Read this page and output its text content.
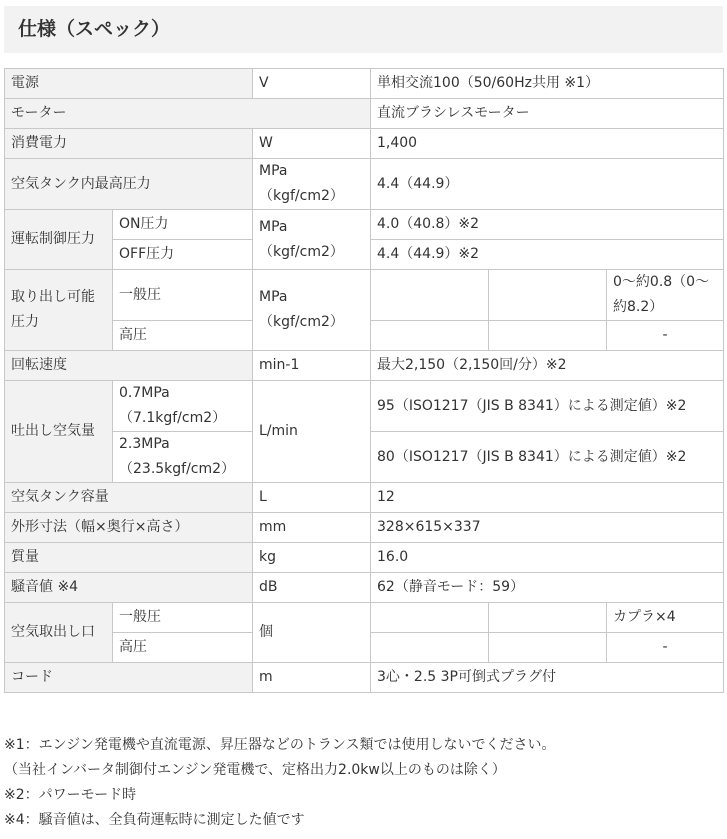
仕様（スペック）
電源		V	単相交流100（50/60Hz共用 ※1）		
モーター			直流ブラシレスモーター		
消費電力		W	1,400		
空気タンク内最高圧力		MPa（kgf/cm2）	4.4（44.9）		
運転制御圧力	ON圧力	MPa（kgf/cm2）	4.0（40.8）※2		
	OFF圧力		4.4（44.9）※2		
取り出し可能圧力	一般圧	MPa（kgf/cm2）			0〜約0.8（0〜約8.2）
	高圧				-
回転速度		min-1	最大2,150（2,150回/分）※2		
吐出し空気量	0.7MPa（7.1kgf/cm2）	L/min	95（ISO1217（JIS B 8341）による測定値）※2		
	2.3MPa（23.5kgf/cm2）		80（ISO1217（JIS B 8341）による測定値）※2		
空気タンク容量		L	12		
外形寸法（幅×奥行×高さ）		mm	328×615×337		
質量		kg	16.0		
騒音値 ※4		dB	62（静音モード：59）		
空気取出し口	一般圧	個			カプラ×4
	高圧				-
コード		m	3心・2.5 3P可倒式プラグ付		
※1：エンジン発電機や直流電源、昇圧器などのトランス類では使用しないでください。
（当社インバータ制御付エンジン発電機で、定格出力2.0kw以上のものは除く）
※2：パワーモード時
※4：騒音値は、全負荷運転時に測定した値です
